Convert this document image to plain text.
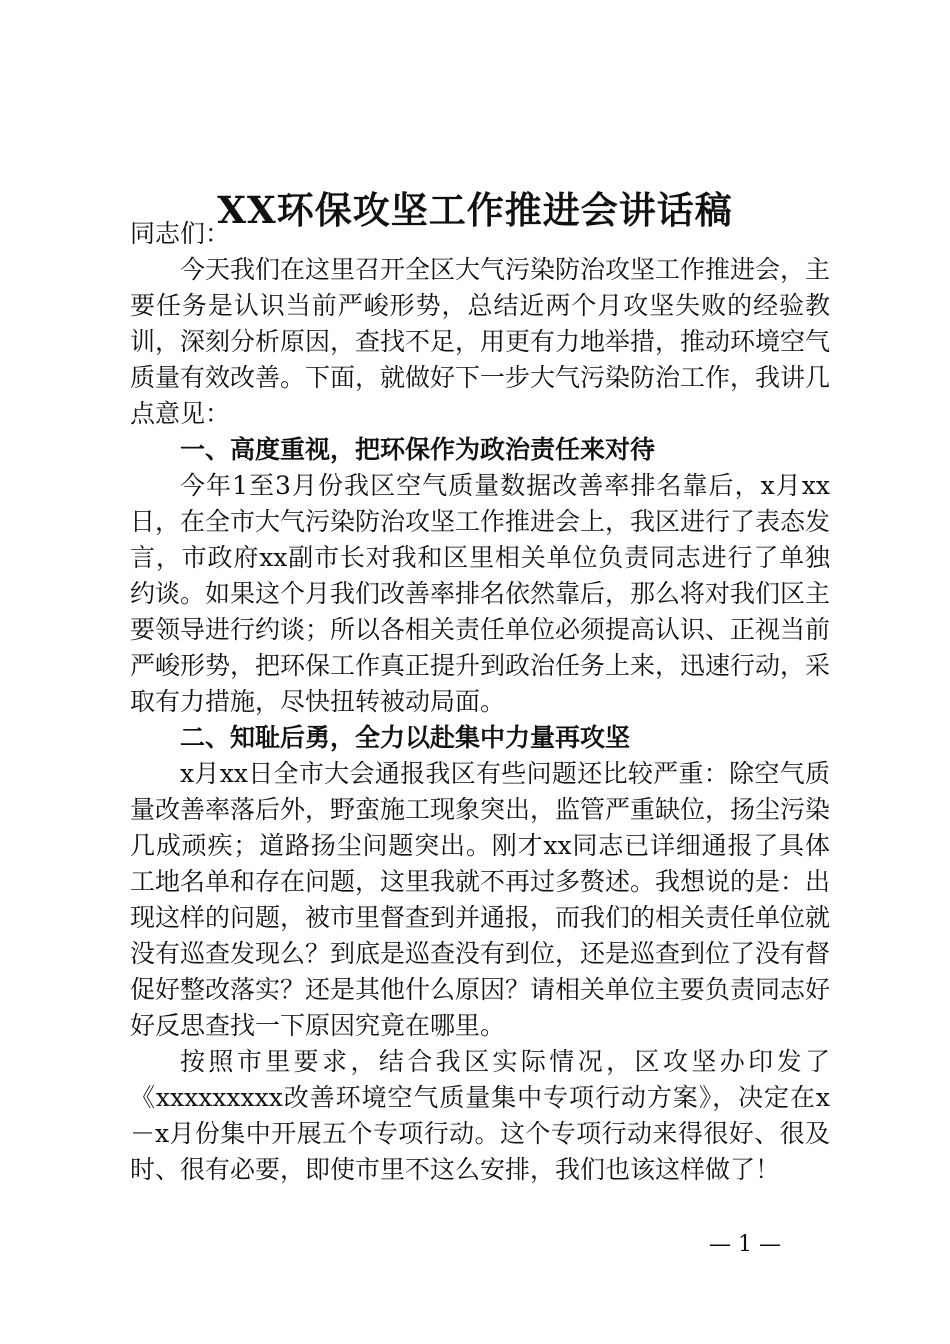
XX环保攻坚工作推进会讲话稿

同志们：

今天我们在这里召开全区大气污染防治攻坚工作推进会，主要任务是认识当前严峻形势，总结近两个月攻坚失败的经验教训，深刻分析原因，查找不足，用更有力地举措，推动环境空气质量有效改善。下面，就做好下一步大气污染防治工作，我讲几点意见：

一、高度重视，把环保作为政治责任来对待

今年1至3月份我区空气质量数据改善率排名靠后，x月xx日，在全市大气污染防治攻坚工作推进会上，我区进行了表态发言，市政府xx副市长对我和区里相关单位负责同志进行了单独约谈。如果这个月我们改善率排名依然靠后，那么将对我们区主要领导进行约谈；所以各相关责任单位必须提高认识、正视当前严峻形势，把环保工作真正提升到政治任务上来，迅速行动，采取有力措施，尽快扭转被动局面。

二、知耻后勇，全力以赴集中力量再攻坚

x月xx日全市大会通报我区有些问题还比较严重：除空气质量改善率落后外，野蛮施工现象突出，监管严重缺位，扬尘污染几成顽疾；道路扬尘问题突出。刚才xx同志已详细通报了具体工地名单和存在问题，这里我就不再过多赘述。我想说的是：出现这样的问题，被市里督查到并通报，而我们的相关责任单位就没有巡查发现么？到底是巡查没有到位，还是巡查到位了没有督促好整改落实？还是其他什么原因？请相关单位主要负责同志好好反思查找一下原因究竟在哪里。

按照市里要求，结合我区实际情况，区攻坚办印发了《xxxxxxxxx改善环境空气质量集中专项行动方案》，决定在x－x月份集中开展五个专项行动。这个专项行动来得很好、很及时、很有必要，即使市里不这么安排，我们也该这样做了！

— 1 —
